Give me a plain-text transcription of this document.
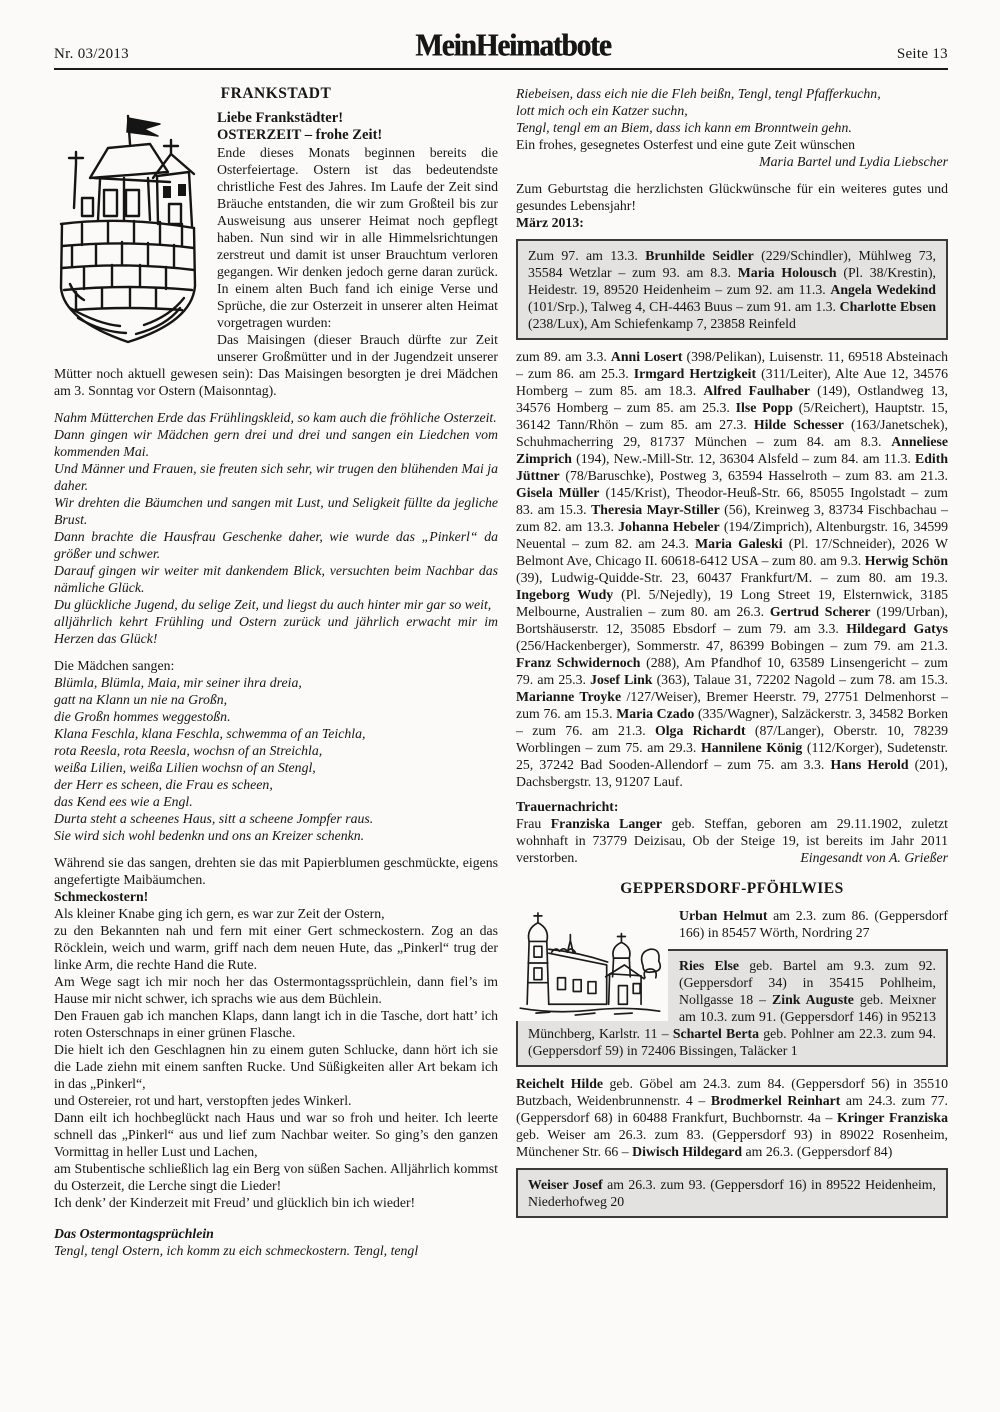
Nr. 03/2013	MeinHeimatbote	Seite 13
FRANKSTADT

Liebe Frankstädter!

OSTERZEIT – frohe Zeit!

Ende dieses Monats beginnen bereits die Osterfeiertage. Ostern ist das bedeutendste christliche Fest des Jahres. Im Laufe der Zeit sind Bräuche entstanden, die wir zum Großteil bis zur Ausweisung aus unserer Heimat noch gepflegt haben. Nun sind wir in alle Himmelsrichtungen zerstreut und damit ist unser Brauchtum verloren gegangen. Wir denken jedoch gerne daran zurück. In einem alten Buch fand ich einige Verse und Sprüche, die zur Osterzeit in unserer alten Heimat vorgetragen wurden:

Das Maisingen (dieser Brauch dürfte zur Zeit unserer Großmütter und in der Jugendzeit unserer Mütter noch aktuell gewesen sein): Das Maisingen besorgten je drei Mädchen am 3. Sonntag vor Ostern (Maisonntag).

Nahm Mütterchen Erde das Frühlingskleid, so kam auch die fröhliche Osterzeit.
Dann gingen wir Mädchen gern drei und drei und sangen ein Liedchen vom kommenden Mai.
Und Männer und Frauen, sie freuten sich sehr, wir trugen den blühenden Mai ja daher.
Wir drehten die Bäumchen und sangen mit Lust, und Seligkeit füllte da jegliche Brust.
Dann brachte die Hausfrau Geschenke daher, wie wurde das „Pinkerl“ da größer und schwer.
Darauf gingen wir weiter mit dankendem Blick, versuchten beim Nachbar das nämliche Glück.
Du glückliche Jugend, du selige Zeit, und liegst du auch hinter mir gar so weit,
alljährlich kehrt Frühling und Ostern zurück und jährlich erwacht mir im Herzen das Glück!

Die Mädchen sangen:

Blümla, Blümla, Maia, mir seiner ihra dreia,
gatt na Klann un nie na Großn,
die Großn hommes weggestoßn.
Klana Feschla, klana Feschla, schwemma of an Teichla,
rota Reesla, rota Reesla, wochsn of an Streichla,
weißa Lilien, weißa Lilien wochsn of an Stengl,
der Herr es scheen, die Frau es scheen,
das Kend ees wie a Engl.
Durta steht a scheenes Haus, sitt a scheene Jompfer raus.
Sie wird sich wohl bedenkn und ons an Kreizer schenkn.

Während sie das sangen, drehten sie das mit Papierblumen geschmückte, eigens angefertigte Maibäumchen.

Schmeckostern!

Als kleiner Knabe ging ich gern, es war zur Zeit der Ostern,
zu den Bekannten nah und fern mit einer Gert schmeckostern. Zog an das Röcklein, weich und warm, griff nach dem neuen Hute, das „Pinkerl“ trug der linke Arm, die rechte Hand die Rute.
Am Wege sagt ich mir noch her das Ostermontagssprüchlein, dann fiel’s im Hause mir nicht schwer, ich sprachs wie aus dem Büchlein.
Den Frauen gab ich manchen Klaps, dann langt ich in die Tasche, dort hatt’ ich roten Osterschnaps in einer grünen Flasche.
Die hielt ich den Geschlagnen hin zu einem guten Schlucke, dann hört ich sie die Lade ziehn mit einem sanften Rucke. Und Süßigkeiten aller Art bekam ich in das „Pinkerl“,
und Ostereier, rot und hart, verstopften jedes Winkerl.
Dann eilt ich hochbeglückt nach Haus und war so froh und heiter. Ich leerte schnell das „Pinkerl“ aus und lief zum Nachbar weiter. So ging’s den ganzen Vormittag in heller Lust und Lachen,
am Stubentische schließlich lag ein Berg von süßen Sachen. Alljährlich kommst du Osterzeit, die Lerche singt die Lieder!
Ich denk’ der Kinderzeit mit Freud’ und glücklich bin ich wieder!

Das Ostermontagsprüchlein

Tengl, tengl Ostern, ich komm zu eich schmeckostern. Tengl, tengl

Riebeisen, dass eich nie die Fleh beißn, Tengl, tengl Pfafferkuchn,
lott mich och ein Katzer suchn,
Tengl, tengl em an Biem, dass ich kann em Bronntwein gehn.

Ein frohes, gesegnetes Osterfest und eine gute Zeit wünschen

Maria Bartel und Lydia Liebscher

Zum Geburtstag die herzlichsten Glückwünsche für ein weiteres gutes und gesundes Lebensjahr!

März 2013:

Zum 97. am 13.3. Brunhilde Seidler (229/Schindler), Mühlweg 73, 35584 Wetzlar – zum 93. am 8.3. Maria Holousch (Pl. 38/Krestin), Heidestr. 19, 89520 Heidenheim – zum 92. am 11.3. Angela Wedekind (101/Srp.), Talweg 4, CH-4463 Buus – zum 91. am 1.3. Charlotte Ebsen (238/Lux), Am Schiefenkamp 7, 23858 Reinfeld

zum 89. am 3.3. Anni Losert (398/Pelikan), Luisenstr. 11, 69518 Absteinach – zum 86. am 25.3. Irmgard Hertzigkeit (311/Leiter), Alte Aue 12, 34576 Homberg – zum 85. am 18.3. Alfred Faulhaber (149), Ostlandweg 13, 34576 Homberg – zum 85. am 25.3. Ilse Popp (5/Reichert), Hauptstr. 15, 36142 Tann/Rhön – zum 85. am 27.3. Hilde Schesser (163/Janetschek), Schuhmacherring 29, 81737 München – zum 84. am 8.3. Anneliese Zimprich (194), New.-Mill-Str. 12, 36304 Alsfeld – zum 84. am 11.3. Edith Jüttner (78/Baruschke), Postweg 3, 63594 Hasselroth – zum 83. am 21.3. Gisela Müller (145/Krist), Theodor-Heuß-Str. 66, 85055 Ingolstadt – zum 83. am 15.3. Theresia Mayr-Stiller (56), Kreinweg 3, 83734 Fischbachau – zum 82. am 13.3. Johanna Hebeler (194/Zimprich), Altenburgstr. 16, 34599 Neuental – zum 82. am 24.3. Maria Galeski (Pl. 17/Schneider), 2026 W Belmont Ave, Chicago II. 60618-6412 USA – zum 80. am 9.3. Herwig Schön (39), Ludwig-Quidde-Str. 23, 60437 Frankfurt/M. – zum 80. am 19.3. Ingeborg Wudy (Pl. 5/Nejedly), 19 Long Street 19, Elsternwick, 3185 Melbourne, Australien – zum 80. am 26.3. Gertrud Scherer (199/Urban), Bortshäuserstr. 12, 35085 Ebsdorf – zum 79. am 3.3. Hildegard Gatys (256/Hackenberger), Sommerstr. 47, 86399 Bobingen – zum 79. am 21.3. Franz Schwidernoch (288), Am Pfandhof 10, 63589 Linsengericht – zum 79. am 25.3. Josef Link (363), Talaue 31, 72202 Nagold – zum 78. am 15.3. Marianne Troyke /127/Weiser), Bremer Heerstr. 79, 27751 Delmenhorst – zum 76. am 15.3. Maria Czado (335/Wagner), Salzäckerstr. 3, 34582 Borken – zum 76. am 21.3. Olga Richardt (87/Langer), Oberstr. 10, 78239 Worblingen – zum 75. am 29.3. Hannilene König (112/Korger), Sudetenstr. 25, 37242 Bad Sooden-Allendorf – zum 75. am 3.3. Hans Herold (201), Dachsbergstr. 13, 91207 Lauf.

Trauernachricht:

Frau Franziska Langer geb. Steffan, geboren am 29.11.1902, zuletzt wohnhaft in 73779 Deizisau, Ob der Steige 19, ist bereits im Jahr 2011 verstorben.	Eingesandt von A. Grießer

GEPPERSDORF-PFÖHLWIES

Urban Helmut am 2.3. zum 86. (Geppersdorf 166) in 85457 Wörth, Nordring 27

Ries Else geb. Bartel am 9.3. zum 92. (Geppersdorf 34) in 35415 Pohlheim, Nollgasse 18 – Zink Auguste geb. Meixner am 10.3. zum 91. (Geppersdorf 146) in 95213 Münchberg, Karlstr. 11 – Schartel Berta geb. Pohlner am 22.3. zum 94. (Geppersdorf 59) in 72406 Bissingen, Taläcker 1

Reichelt Hilde geb. Göbel am 24.3. zum 84. (Geppersdorf 56) in 35510 Butzbach, Weidenbrunnenstr. 4 – Brodmerkel Reinhart am 24.3. zum 77. (Geppersdorf 68) in 60488 Frankfurt, Buchbornstr. 4a – Kringer Franziska geb. Weiser am 26.3. zum 83. (Geppersdorf 93) in 89022 Rosenheim, Münchener Str. 66 – Diwisch Hildegard am 26.3. (Geppersdorf 84)

Weiser Josef am 26.3. zum 93. (Geppersdorf 16) in 89522 Heidenheim, Niederhofweg 20
